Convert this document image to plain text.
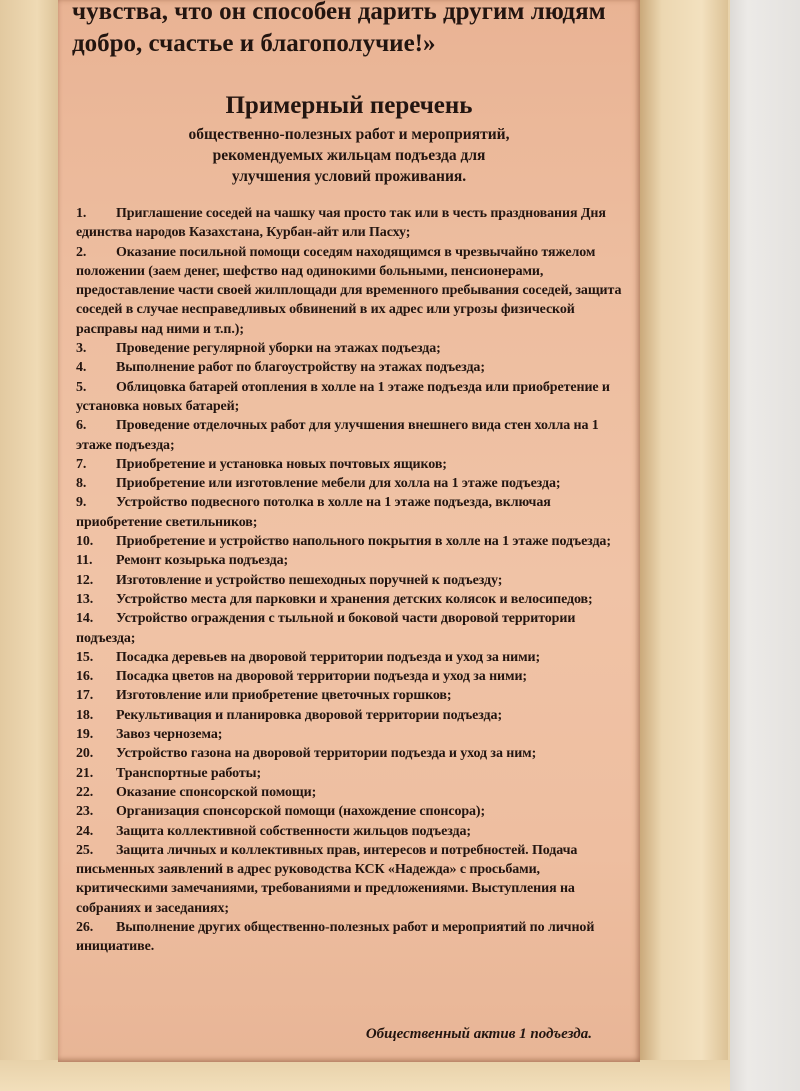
чувства, что он способен дарить другим людям добро, счастье и благополучие!»
Примерный перечень
общественно-полезных работ и мероприятий,
рекомендуемых жильцам подъезда для
улучшения условий проживания.
1. Приглашение соседей на чашку чая просто так или в честь празднования Дня единства народов Казахстана, Курбан-айт или Пасху;
2. Оказание посильной помощи соседям находящимся в чрезвычайно тяжелом положении (заем денег, шефство над одинокими больными, пенсионерами, предоставление части своей жилплощади для временного пребывания соседей, защита соседей в случае несправедливых обвинений в их адрес или угрозы физической расправы над ними и т.п.);
3. Проведение регулярной уборки на этажах подъезда;
4. Выполнение работ по благоустройству на этажах подъезда;
5. Облицовка батарей отопления в холле на 1 этаже подъезда или приобретение и установка новых батарей;
6. Проведение отделочных работ для улучшения внешнего вида стен холла на 1 этаже подъезда;
7. Приобретение и установка новых почтовых ящиков;
8. Приобретение или изготовление мебели для холла на 1 этаже подъезда;
9. Устройство подвесного потолка в холле на 1 этаже подъезда, включая приобретение светильников;
10. Приобретение и устройство напольного покрытия в холле на 1 этаже подъезда;
11. Ремонт козырька подъезда;
12. Изготовление и устройство пешеходных поручней к подъезду;
13. Устройство места для парковки и хранения детских колясок и велосипедов;
14. Устройство ограждения с тыльной и боковой части дворовой территории подъезда;
15. Посадка деревьев на дворовой территории подъезда и уход за ними;
16. Посадка цветов на дворовой территории подъезда и уход за ними;
17. Изготовление или приобретение цветочных горшков;
18. Рекультивация и планировка дворовой территории подъезда;
19. Завоз чернозема;
20. Устройство газона на дворовой территории подъезда и уход за ним;
21. Транспортные работы;
22. Оказание спонсорской помощи;
23. Организация спонсорской помощи (нахождение спонсора);
24. Защита коллективной собственности жильцов подъезда;
25. Защита личных и коллективных прав, интересов и потребностей. Подача письменных заявлений в адрес руководства КСК «Надежда» с просьбами, критическими замечаниями, требованиями и предложениями. Выступления на собраниях и заседаниях;
26. Выполнение других общественно-полезных работ и мероприятий по личной инициативе.
Общественный актив 1 подъезда.
